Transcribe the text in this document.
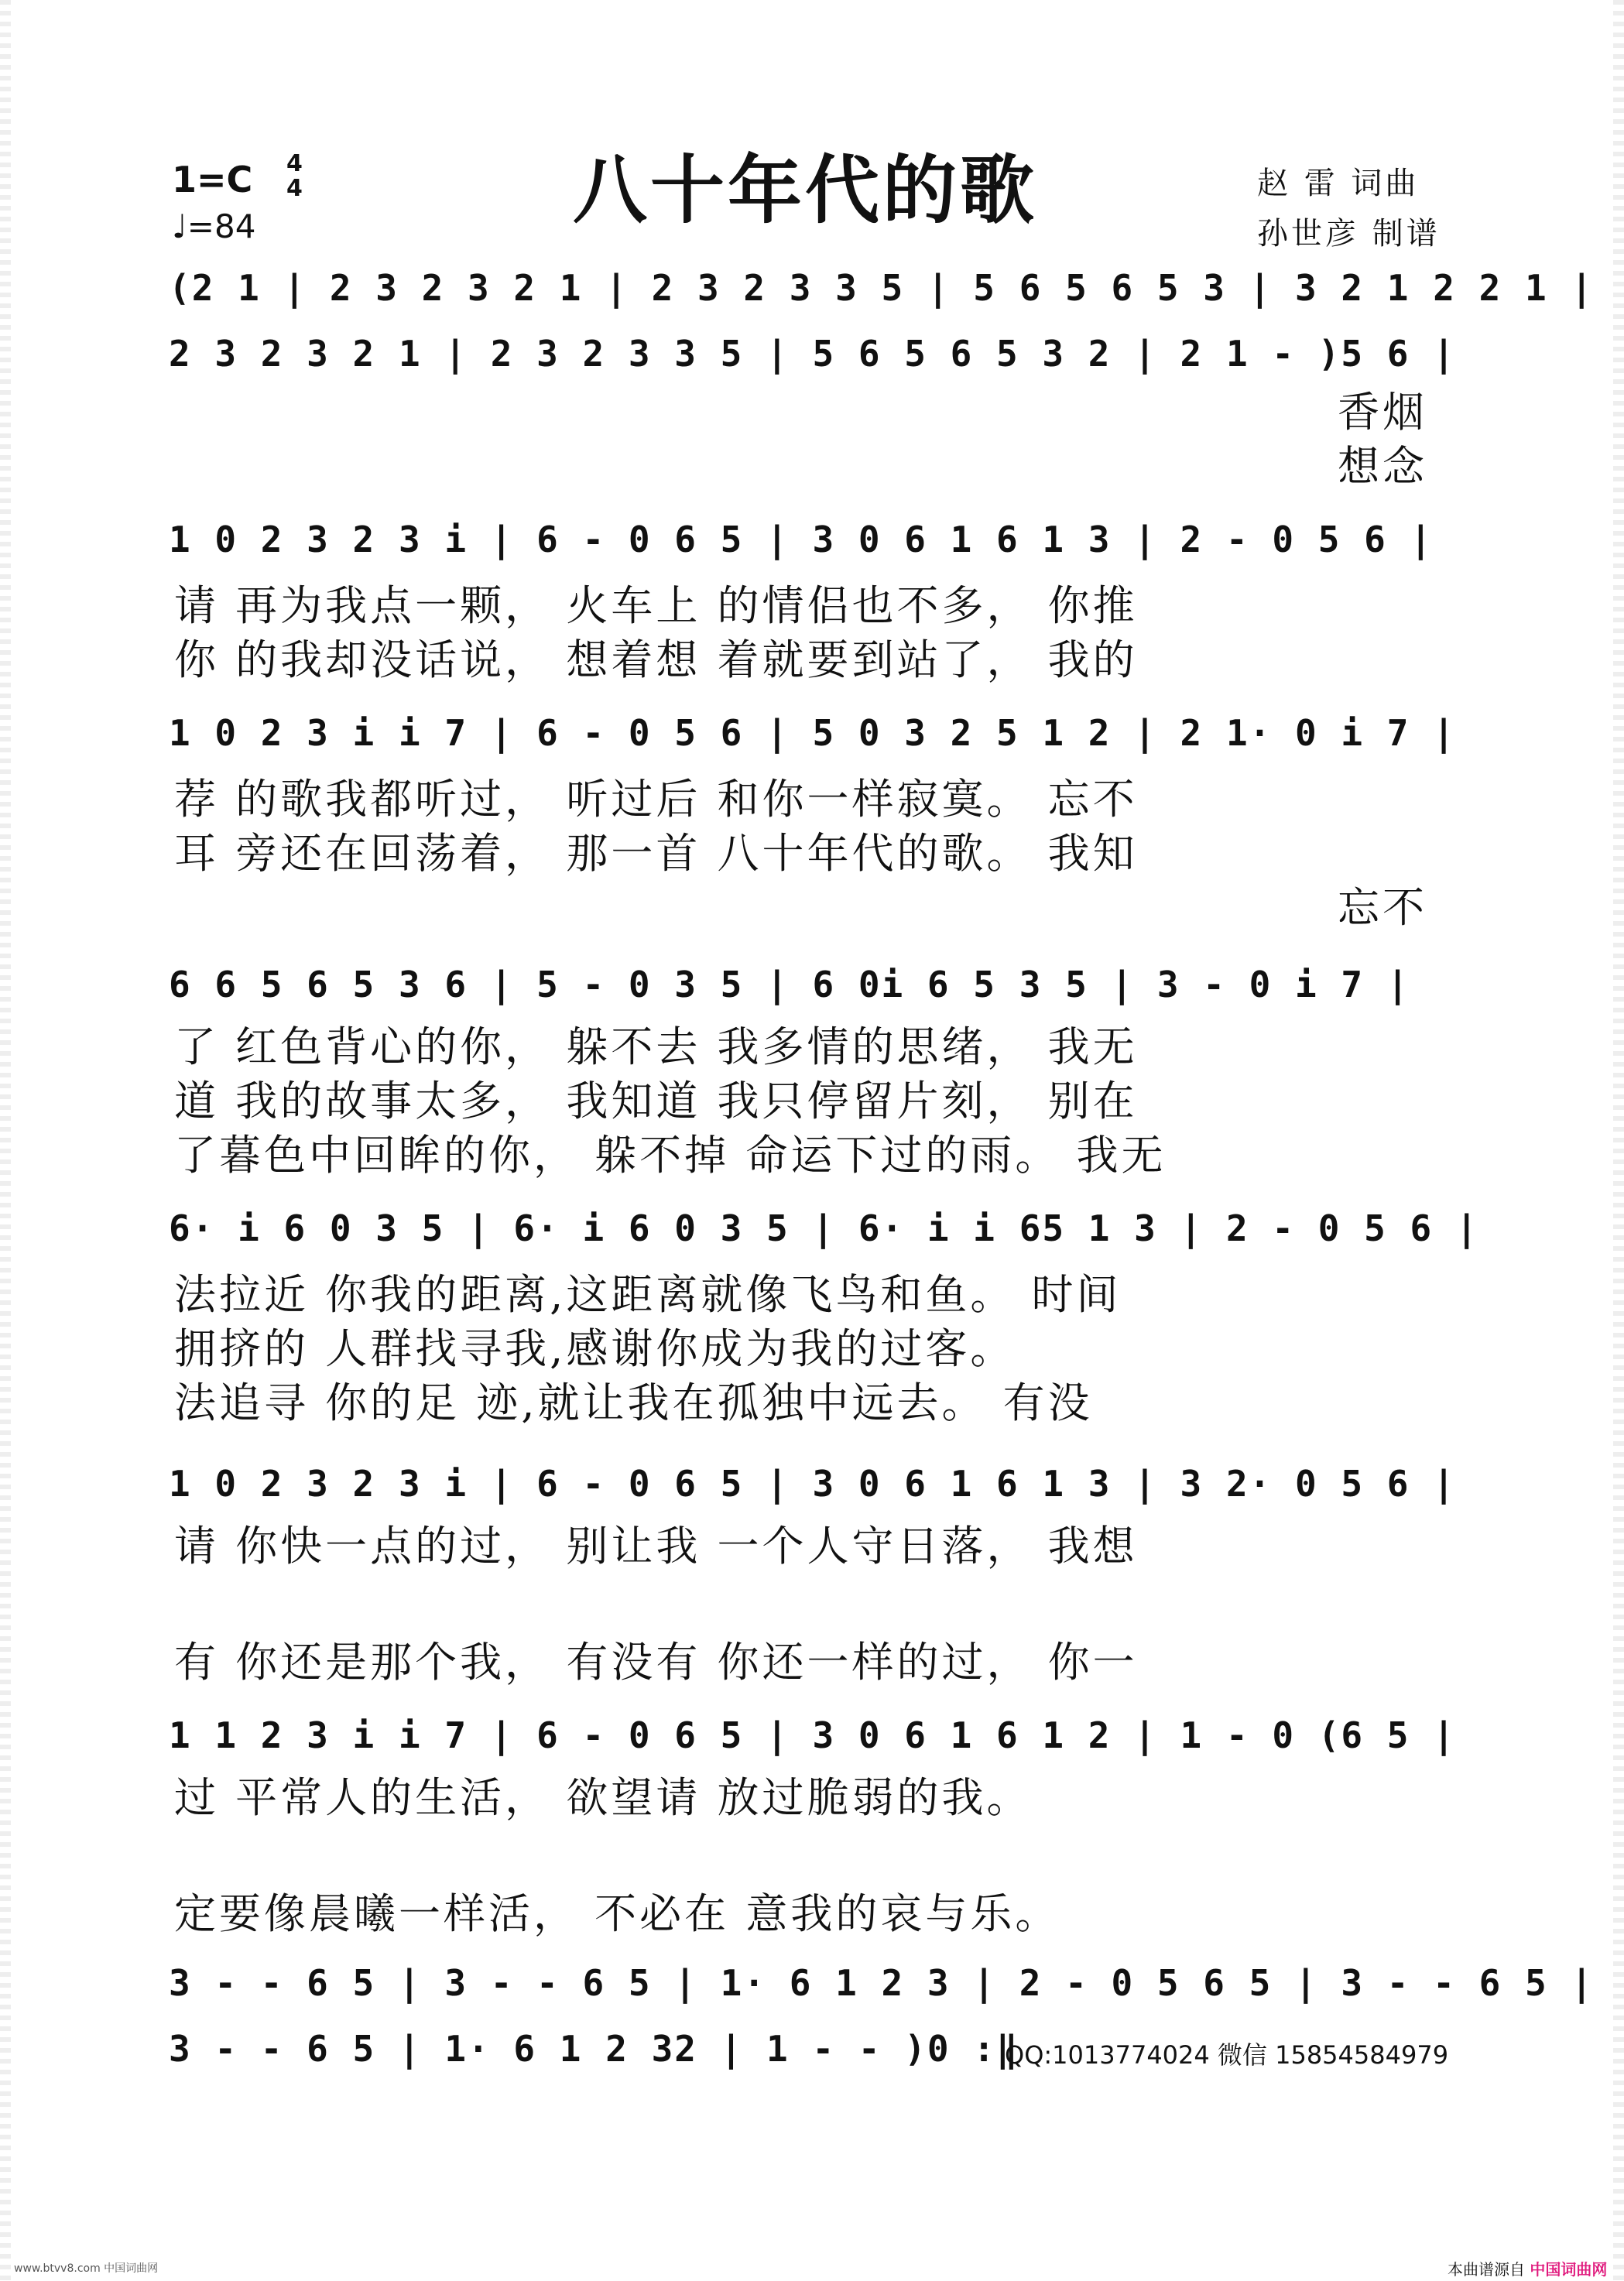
1=C 4
4
♩=84	八十年代的歌	赵 雷 词曲
孙世彦 制谱
(2 1 | 2 3 2 3 2 1 | 2 3 2 3 3 5 | 5 6 5 6 5 3 | 3 2 1 2 2 1 |
2 3 2 3 2 1 | 2 3 2 3 3 5 | 5 6 5 6 5 3 2 | 2 1 - )5 6 |
香烟
想念
1 0 2 3 2 3 i | 6 - 0 6 5 | 3 0 6 1 6 1 3 | 2 - 0 5 6 |
请 再为我点一颗， 火车上 的情侣也不多， 你推
你 的我却没话说， 想着想 着就要到站了， 我的
1 0 2 3 i i 7 | 6 - 0 5 6 | 5 0 3 2 5 1 2 | 2 1· 0 i 7 |
荐 的歌我都听过， 听过后 和你一样寂寞。 忘不
耳 旁还在回荡着， 那一首 八十年代的歌。 我知
忘不
6 6 5 6 5 3 6 | 5 - 0 3 5 | 6 0i 6 5 3 5 | 3 - 0 i 7 |
了 红色背心的你， 躲不去 我多情的思绪， 我无
道 我的故事太多， 我知道 我只停留片刻， 别在
了暮色中回眸的你， 躲不掉 命运下过的雨。 我无
6· i 6 0 3 5 | 6· i 6 0 3 5 | 6· i i 65 1 3 | 2 - 0 5 6 |
法拉近 你我的距离,这距离就像飞鸟和鱼。 时间
拥挤的 人群找寻我,感谢你成为我的过客。
法追寻 你的足 迹,就让我在孤独中远去。 有没
1 0 2 3 2 3 i | 6 - 0 6 5 | 3 0 6 1 6 1 3 | 3 2· 0 5 6 |
请 你快一点的过， 别让我 一个人守日落， 我想
有 你还是那个我， 有没有 你还一样的过， 你一
1 1 2 3 i i 7 | 6 - 0 6 5 | 3 0 6 1 6 1 2 | 1 - 0 (6 5 |
过 平常人的生活， 欲望请 放过脆弱的我。
定要像晨曦一样活， 不必在 意我的哀与乐。
3 - - 6 5 | 3 - - 6 5 | 1· 6 1 2 3 | 2 - 0 5 6 5 | 3 - - 6 5 |
3 - - 6 5 | 1· 6 1 2 32 | 1 - - )0 :‖
QQ:1013774024 微信 15854584979
www.btvv8.com 中国词曲网	本曲谱源自 中国词曲网
